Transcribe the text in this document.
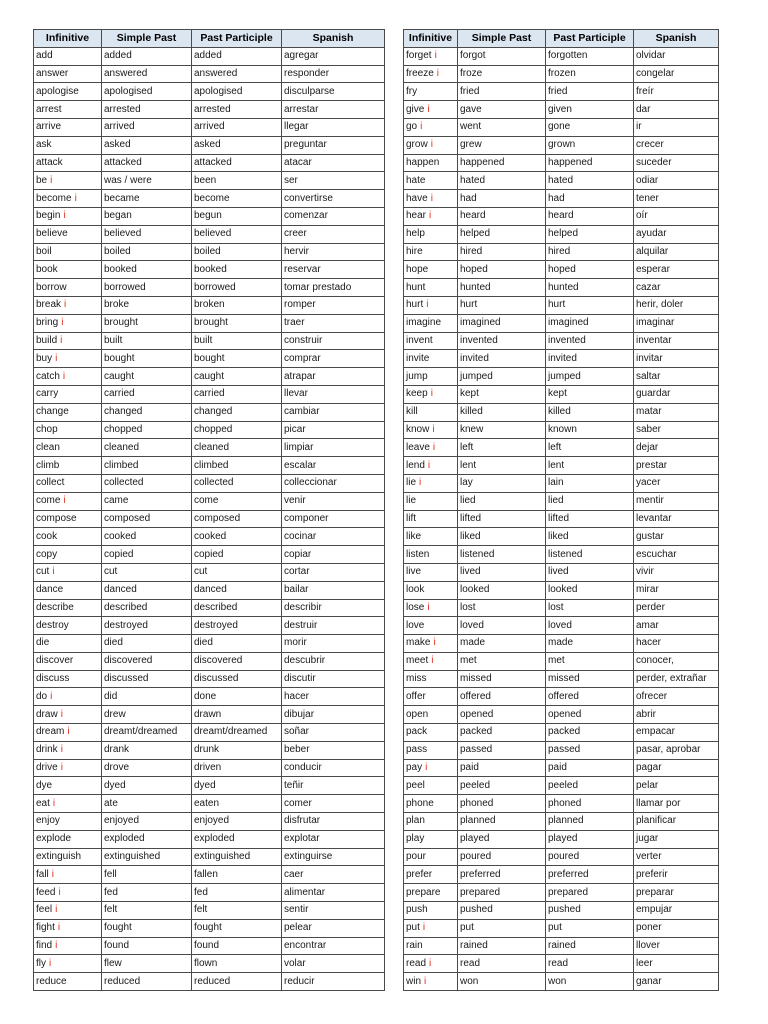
Infinitive	Simple Past	Past Participle	Spanish
add	added	added	agregar
answer	answered	answered	responder
apologise	apologised	apologised	disculparse
arrest	arrested	arrested	arrestar
arrive	arrived	arrived	llegar
ask	asked	asked	preguntar
attack	attacked	attacked	atacar
be i	was / were	been	ser
become i	became	become	convertirse
begin i	began	begun	comenzar
believe	believed	believed	creer
boil	boiled	boiled	hervir
book	booked	booked	reservar
borrow	borrowed	borrowed	tomar prestado
break i	broke	broken	romper
bring i	brought	brought	traer
build i	built	built	construir
buy i	bought	bought	comprar
catch i	caught	caught	atrapar
carry	carried	carried	llevar
change	changed	changed	cambiar
chop	chopped	chopped	picar
clean	cleaned	cleaned	limpiar
climb	climbed	climbed	escalar
collect	collected	collected	colleccionar
come i	came	come	venir
compose	composed	composed	componer
cook	cooked	cooked	cocinar
copy	copied	copied	copiar
cut i	cut	cut	cortar
dance	danced	danced	bailar
describe	described	described	describir
destroy	destroyed	destroyed	destruir
die	died	died	morir
discover	discovered	discovered	descubrir
discuss	discussed	discussed	discutir
do i	did	done	hacer
draw i	drew	drawn	dibujar
dream i	dreamt/dreamed	dreamt/dreamed	soñar
drink i	drank	drunk	beber
drive i	drove	driven	conducir
dye	dyed	dyed	teñir
eat i	ate	eaten	comer
enjoy	enjoyed	enjoyed	disfrutar
explode	exploded	exploded	explotar
extinguish	extinguished	extinguished	extinguirse
fall i	fell	fallen	caer
feed i	fed	fed	alimentar
feel i	felt	felt	sentir
fight i	fought	fought	pelear
find i	found	found	encontrar
fly i	flew	flown	volar
reduce	reduced	reduced	reducir
Infinitive	Simple Past	Past Participle	Spanish
forget i	forgot	forgotten	olvidar
freeze i	froze	frozen	congelar
fry	fried	fried	freír
give i	gave	given	dar
go i	went	gone	ir
grow i	grew	grown	crecer
happen	happened	happened	suceder
hate	hated	hated	odiar
have i	had	had	tener
hear i	heard	heard	oír
help	helped	helped	ayudar
hire	hired	hired	alquilar
hope	hoped	hoped	esperar
hunt	hunted	hunted	cazar
hurt i	hurt	hurt	herir, doler
imagine	imagined	imagined	imaginar
invent	invented	invented	inventar
invite	invited	invited	invitar
jump	jumped	jumped	saltar
keep i	kept	kept	guardar
kill	killed	killed	matar
know i	knew	known	saber
leave i	left	left	dejar
lend i	lent	lent	prestar
lie i	lay	lain	yacer
lie	lied	lied	mentir
lift	lifted	lifted	levantar
like	liked	liked	gustar
listen	listened	listened	escuchar
live	lived	lived	vivir
look	looked	looked	mirar
lose i	lost	lost	perder
love	loved	loved	amar
make i	made	made	hacer
meet i	met	met	conocer,
miss	missed	missed	perder, extrañar
offer	offered	offered	ofrecer
open	opened	opened	abrir
pack	packed	packed	empacar
pass	passed	passed	pasar, aprobar
pay i	paid	paid	pagar
peel	peeled	peeled	pelar
phone	phoned	phoned	llamar por
plan	planned	planned	planificar
play	played	played	jugar
pour	poured	poured	verter
prefer	preferred	preferred	preferir
prepare	prepared	prepared	preparar
push	pushed	pushed	empujar
put i	put	put	poner
rain	rained	rained	llover
read i	read	read	leer
win i	won	won	ganar
